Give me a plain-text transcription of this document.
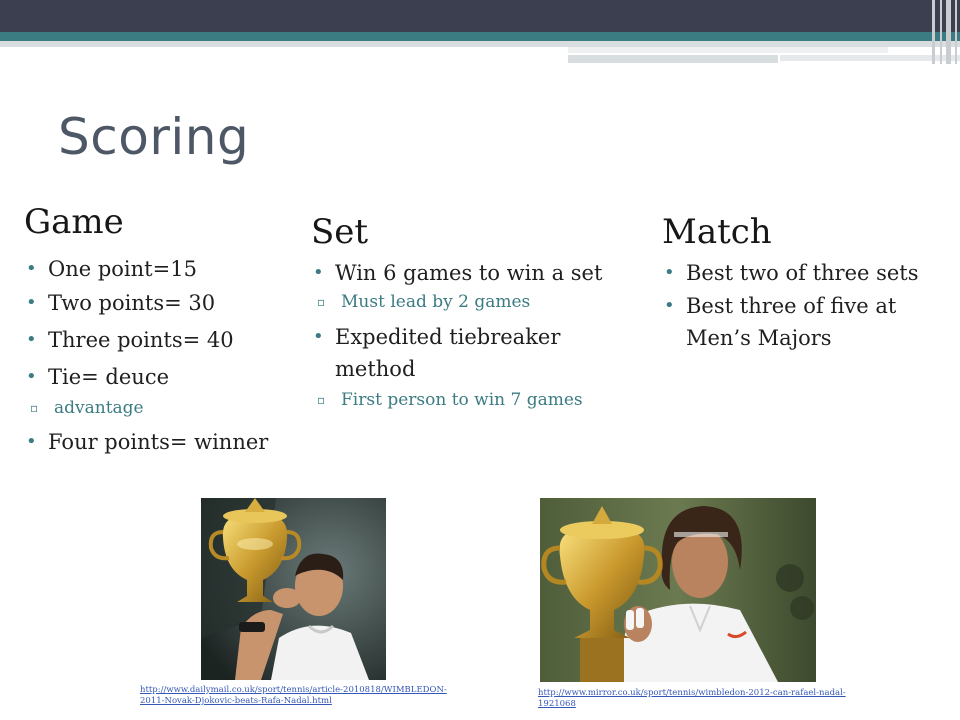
Scoring
Game
• One point=15
• Two points= 30
• Three points= 40
• Tie= deuce
▫ advantage
• Four points= winner
Set
• Win 6 games to win a set
▫ Must lead by 2 games
• Expedited tiebreaker method
▫ First person to win 7 games
Match
• Best two of three sets
• Best three of five at Men’s Majors
http://www.dailymail.co.uk/sport/tennis/article-2010818/WIMBLEDON-2011-Novak-Djokovic-beats-Rafa-Nadal.html
http://www.mirror.co.uk/sport/tennis/wimbledon-2012-can-rafael-nadal-1921068
